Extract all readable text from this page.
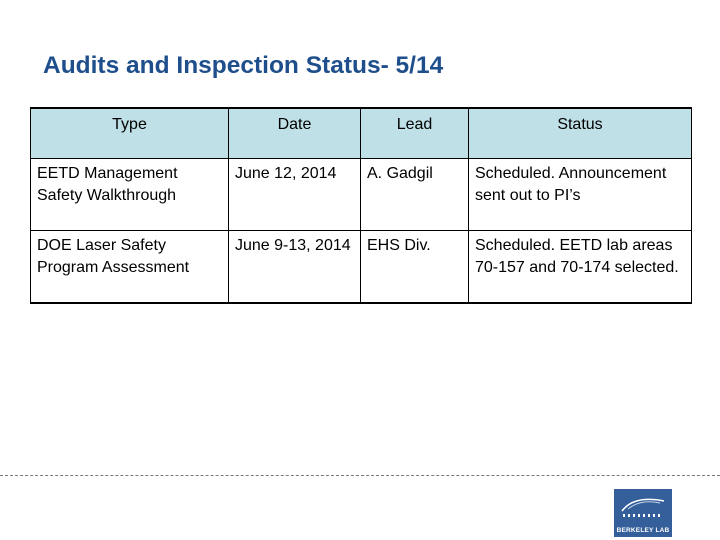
Audits and Inspection Status- 5/14
Type	Date	Lead	Status
EETD Management Safety Walkthrough	June 12, 2014	A. Gadgil	Scheduled. Announcement sent out to PI’s
DOE Laser Safety Program Assessment	June 9-13, 2014	EHS Div.	Scheduled. EETD lab areas 70-157 and 70-174 selected.
BERKELEY LAB
